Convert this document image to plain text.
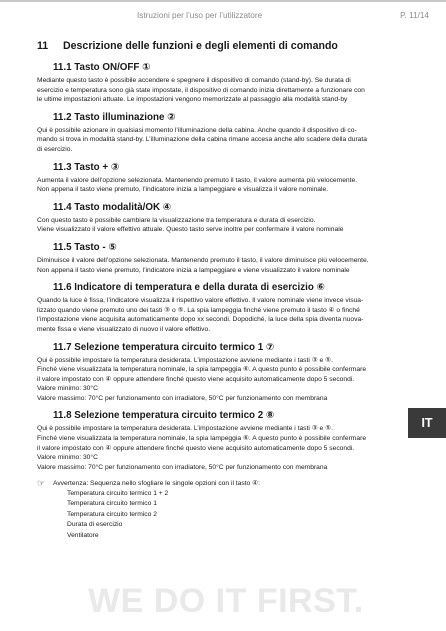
Istruzioni per l’uso per l’utilizzatore	P. 11/14
11 Descrizione delle funzioni e degli elementi di comando
11.1 Tasto ON/OFF ①
Mediante questo tasto è possibile accendere e spegnere il dispositivo di comando (stand-by). Se durata di
esercizio e temperatura sono già state impostate, il dispositivo di comando inizia direttamente a funzionare con
le ultime impostazioni attuate. Le impostazioni vengono memorizzate al passaggio alla modalità stand-by
11.2 Tasto illuminazione ②
Qui è possibile azionare in qualsiasi momento l’illuminazione della cabina. Anche quando il dispositivo di co-
mando si trova in modalità stand-by. L’illuminazione della cabina rimane accesa anche allo scadere della durata
di esercizio.
11.3 Tasto + ③
Aumenta il valore dell’opzione selezionata. Mantenendo premuto il tasto, il valore aumenta più velocemente.
Non appena il tasto viene premuto, l’indicatore inizia a lampeggiare e visualizza il valore nominale.
11.4 Tasto modalità/OK ④
Con questo tasto è possibile cambiare la visualizzazione tra temperatura e durata di esercizio.
Viene visualizzato il valore effettivo attuale. Questo tasto serve inoltre per confermare il valore nominale
11.5 Tasto - ⑤
Diminuisce il valore dell’opzione selezionata. Mantenendo premuto il tasto, il valore diminuisce più velocemente.
Non appena il tasto viene premuto, l’indicatore inizia a lampeggiare e viene visualizzato il valore nominale
11.6 Indicatore di temperatura e della durata di esercizio ⑥
Quando la luce è fissa, l’indicatore visualizza il rispettivo valore effettivo. Il valore nominale viene invece visua-
lizzato quando viene premuto uno dei tasti ③ o ⑤. La spia lampeggia finché viene premuto il tasto ④ o finché
l’impostazione viene acquisita automaticamente dopo xx secondi. Dopodiché, la luce della spia diventa nuova-
mente fissa e viene visualizzato di nuovo il valore effettivo.
11.7 Selezione temperatura circuito termico 1 ⑦
Qui è possibile impostare la temperatura desiderata. L’impostazione avviene mediante i tasti ③ e ⑤.
Finché viene visualizzata la temperatura nominale, la spia lampeggia ⑥. A questo punto è possibile confermare
il valore impostato con ④ oppure attendere finché questo viene acquisito automaticamente dopo 5 secondi.
Valore minimo: 30°C
Valore massimo: 70°C per funzionamento con irradiatore, 50°C per funzionamento con membrana
11.8 Selezione temperatura circuito termico 2 ⑧
Qui è possibile impostare la temperatura desiderata. L’impostazione avviene mediante i tasti ③ e ⑤.
Finché viene visualizzata la temperatura nominale, la spia lampeggia ⑥. A questo punto è possibile confermare
il valore impostato con ④ oppure attendere finché questo viene acquisito automaticamente dopo 5 secondi.
Valore minimo: 30°C
Valore massimo: 70°C per funzionamento con irradiatore, 50°C per funzionamento con membrana
☞ Avvertenza: Sequenza nello sfogliare le singole opzioni con il tasto ④:
Temperatura circuito termico 1 + 2
Temperatura circuito termico 1
Temperatura circuito termico 2
Durata di esercizio
Ventilatore
IT
WE DO IT FIRST.
